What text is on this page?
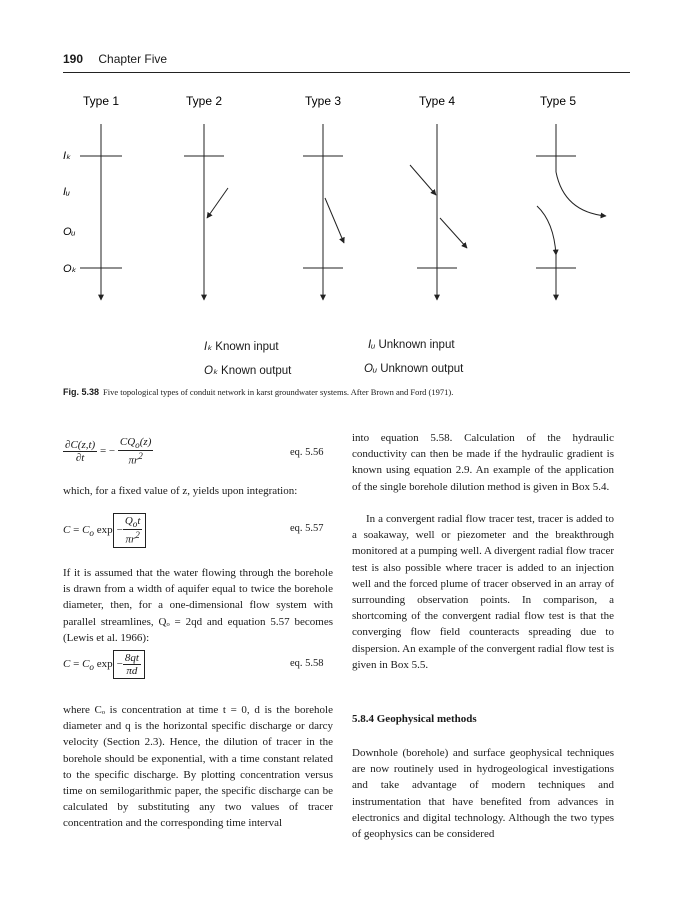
190 Chapter Five
Type 1	Type 2	Type 3	Type 4	Type 5
Iₖ
Iᵤ
Oᵤ
Oₖ
Iₖ Known input	Iᵤ Unknown input
Oₖ Known output	Oᵤ Unknown output
Fig. 5.38 Five topological types of conduit network in karst groundwater systems. After Brown and Ford (1971).
$\frac{\partial C(z,t)}{\partial t}$ = − $\frac{CQ_o(z)}{\pi r^2}$	eq. 5.56

which, for a fixed value of z, yields upon integration:

$C = C_o$ $\exp - \frac{Q_ot}{\pi r^2}$	eq. 5.57

If it is assumed that the water flowing through the borehole is drawn from a width of aquifer equal to twice the borehole diameter, then, for a one-dimensional flow system with parallel streamlines, Qₒ = 2qd and equation 5.57 becomes (Lewis et al. 1966):

$C = C_o$ $\exp - \frac{8qt}{\pi d}$	eq. 5.58

where Cₒ is concentration at time t = 0, d is the borehole diameter and q is the horizontal specific discharge or darcy velocity (Section 2.3). Hence, the dilution of tracer in the borehole should be exponential, with a time constant related to the specific discharge. By plotting concentration versus time on semilogarithmic paper, the specific discharge can be calculated by substituting any two values of tracer concentration and the corresponding time interval

into equation 5.58. Calculation of the hydraulic conductivity can then be made if the hydraulic gradient is known using equation 2.9. An example of the application of the single borehole dilution method is given in Box 5.4.

In a convergent radial flow tracer test, tracer is added to a soakaway, well or piezometer and the breakthrough monitored at a pumping well. A divergent radial flow tracer test is also possible where tracer is added to an injection well and the forced plume of tracer observed in an array of surrounding observation points. In comparison, a shortcoming of the convergent radial flow test is that the converging flow field counteracts spreading due to dispersion. An example of the convergent radial flow test is given in Box 5.5.

5.8.4 Geophysical methods

Downhole (borehole) and surface geophysical techniques are now routinely used in hydrogeological investigations and take advantage of modern techniques and instrumentation that have benefited from advances in electronics and digital technology. Although the two types of geophysics can be considered
